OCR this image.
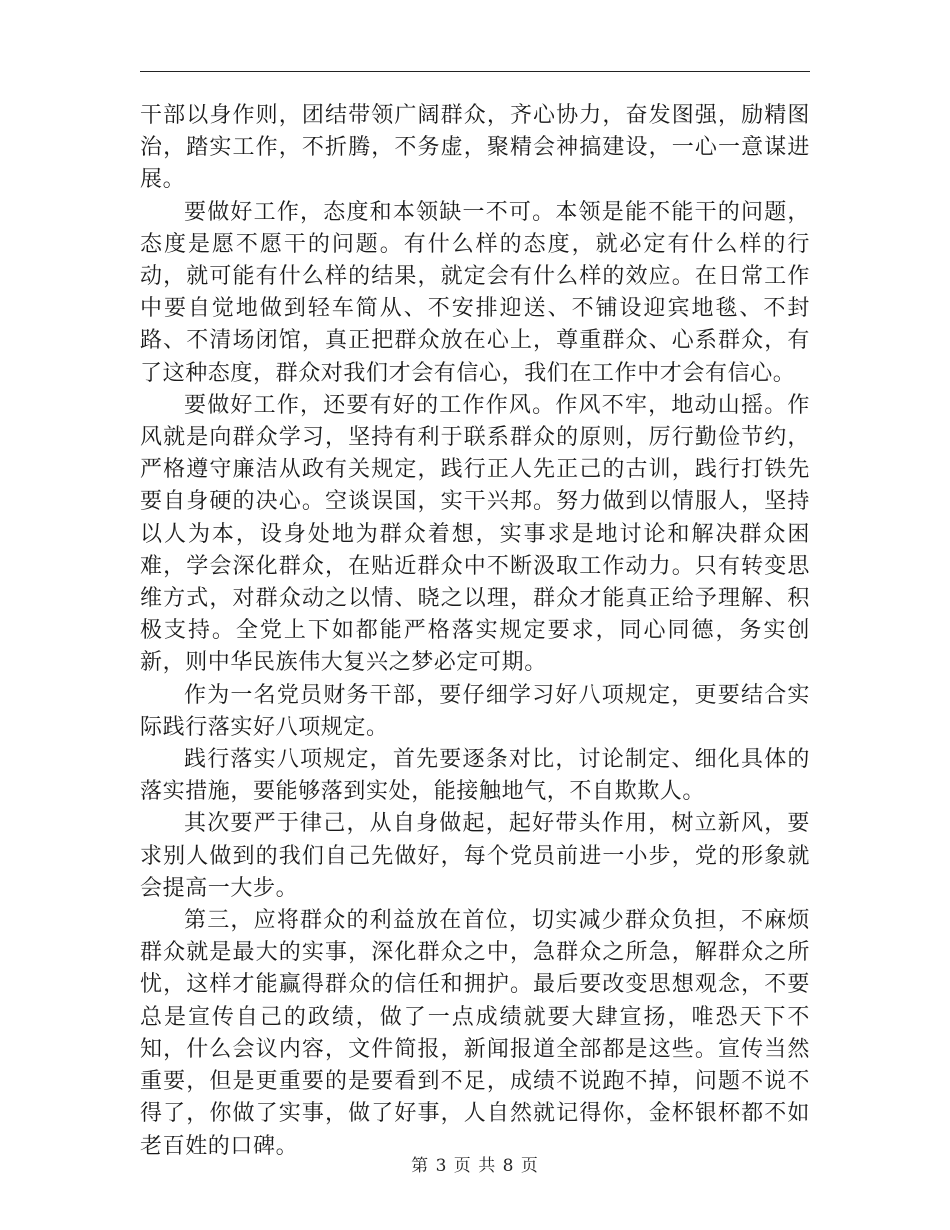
干部以身作则，团结带领广阔群众，齐心协力，奋发图强，励精图治，踏实工作，不折腾，不务虚，聚精会神搞建设，一心一意谋进展。

要做好工作，态度和本领缺一不可。本领是能不能干的问题，态度是愿不愿干的问题。有什么样的态度，就必定有什么样的行动，就可能有什么样的结果，就定会有什么样的效应。在日常工作中要自觉地做到轻车简从、不安排迎送、不铺设迎宾地毯、不封路、不清场闭馆，真正把群众放在心上，尊重群众、心系群众，有了这种态度，群众对我们才会有信心，我们在工作中才会有信心。

要做好工作，还要有好的工作作风。作风不牢，地动山摇。作风就是向群众学习，坚持有利于联系群众的原则，厉行勤俭节约，严格遵守廉洁从政有关规定，践行正人先正己的古训，践行打铁先要自身硬的决心。空谈误国，实干兴邦。努力做到以情服人，坚持以人为本，设身处地为群众着想，实事求是地讨论和解决群众困难，学会深化群众，在贴近群众中不断汲取工作动力。只有转变思维方式，对群众动之以情、晓之以理，群众才能真正给予理解、积极支持。全党上下如都能严格落实规定要求，同心同德，务实创新，则中华民族伟大复兴之梦必定可期。

作为一名党员财务干部，要仔细学习好八项规定，更要结合实际践行落实好八项规定。

践行落实八项规定，首先要逐条对比，讨论制定、细化具体的落实措施，要能够落到实处，能接触地气，不自欺欺人。

其次要严于律己，从自身做起，起好带头作用，树立新风，要求别人做到的我们自己先做好，每个党员前进一小步，党的形象就会提高一大步。

第三，应将群众的利益放在首位，切实减少群众负担，不麻烦群众就是最大的实事，深化群众之中，急群众之所急，解群众之所忧，这样才能赢得群众的信任和拥护。最后要改变思想观念，不要总是宣传自己的政绩，做了一点成绩就要大肆宣扬，唯恐天下不知，什么会议内容，文件简报，新闻报道全部都是这些。宣传当然重要，但是更重要的是要看到不足，成绩不说跑不掉，问题不说不得了，你做了实事，做了好事，人自然就记得你，金杯银杯都不如老百姓的口碑。

第 3 页 共 8 页
